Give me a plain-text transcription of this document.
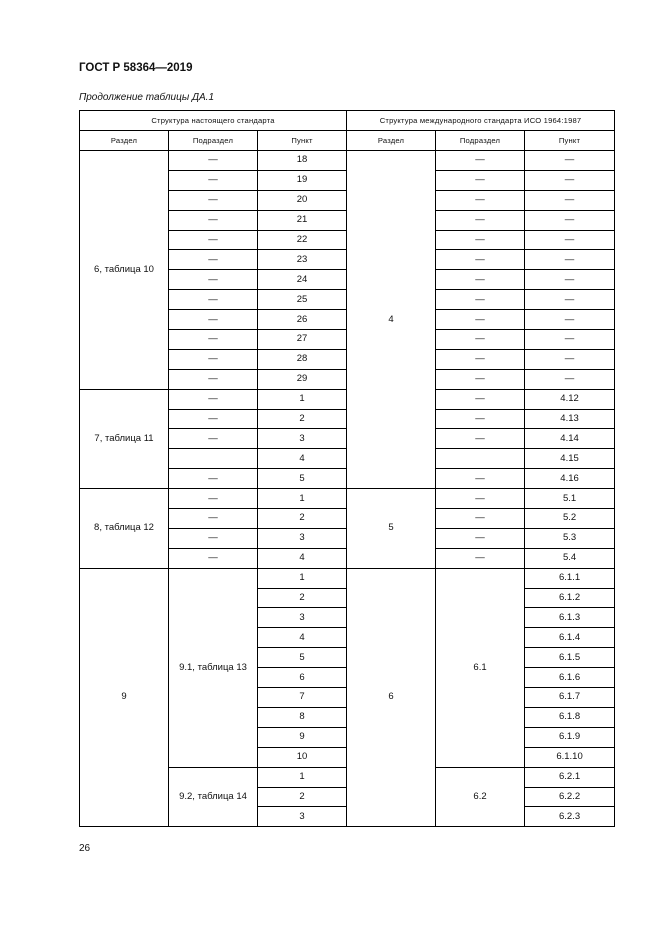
ГОСТ Р 58364—2019
Продолжение таблицы ДА.1
Структура настоящего стандарта			Структура международного стандарта ИСО 1964:1987		
Раздел	Подраздел	Пункт	Раздел	Подраздел	Пункт
6, таблица 10	—	18	4	—	—
	—	19		—	—
	—	20		—	—
	—	21		—	—
	—	22		—	—
	—	23		—	—
	—	24		—	—
	—	25		—	—
	—	26		—	—
	—	27		—	—
	—	28		—	—
	—	29		—	—
7, таблица 11	—	1		—	4.12
	—	2		—	4.13
	—	3		—	4.14
		4			4.15
	—	5		—	4.16
8, таблица 12	—	1	5	—	5.1
	—	2		—	5.2
	—	3		—	5.3
	—	4		—	5.4
9	9.1, таблица 13	1	6	6.1	6.1.1
		2			6.1.2
		3			6.1.3
		4			6.1.4
		5			6.1.5
		6			6.1.6
		7			6.1.7
		8			6.1.8
		9			6.1.9
		10			6.1.10
	9.2, таблица 14	1		6.2	6.2.1
		2			6.2.2
		3			6.2.3
26
